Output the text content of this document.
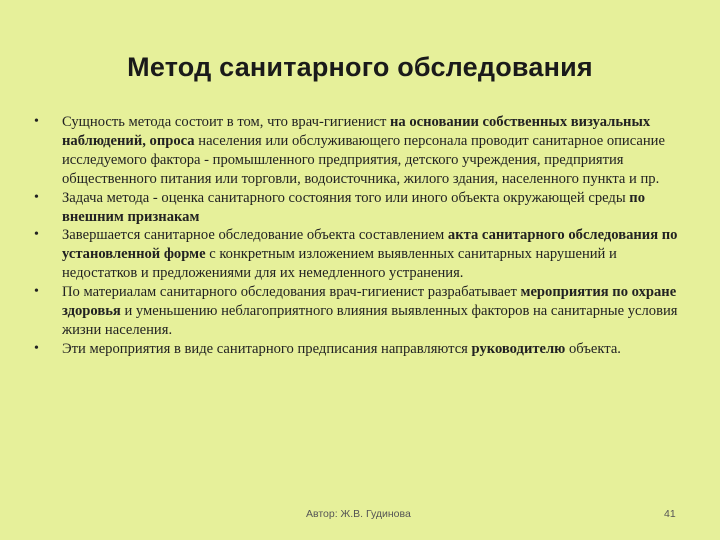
Метод санитарного обследования
• Сущность метода состоит в том, что врач-гигиенист на основании собственных визуальных наблюдений, опроса населения или обслуживающего персонала проводит санитарное описание исследуемого фактора - промышленного предприятия, детского учреждения, предприятия общественного питания или торговли, водоисточника, жилого здания, населенного пункта и пр.
• Задача метода - оценка санитарного состояния того или иного объекта окружающей среды по внешним признакам
• Завершается санитарное обследование объекта составлением акта санитарного обследования по установленной форме с конкретным изложением выявленных санитарных нарушений и недостатков и предложениями для их немедленного устранения.
• По материалам санитарного обследования врач-гигиенист разрабатывает мероприятия по охране здоровья и уменьшению неблагоприятного влияния выявленных факторов на санитарные условия жизни населения.
• Эти мероприятия в виде санитарного предписания направляются руководителю объекта.
Автор: Ж.В. Гудинова	41
